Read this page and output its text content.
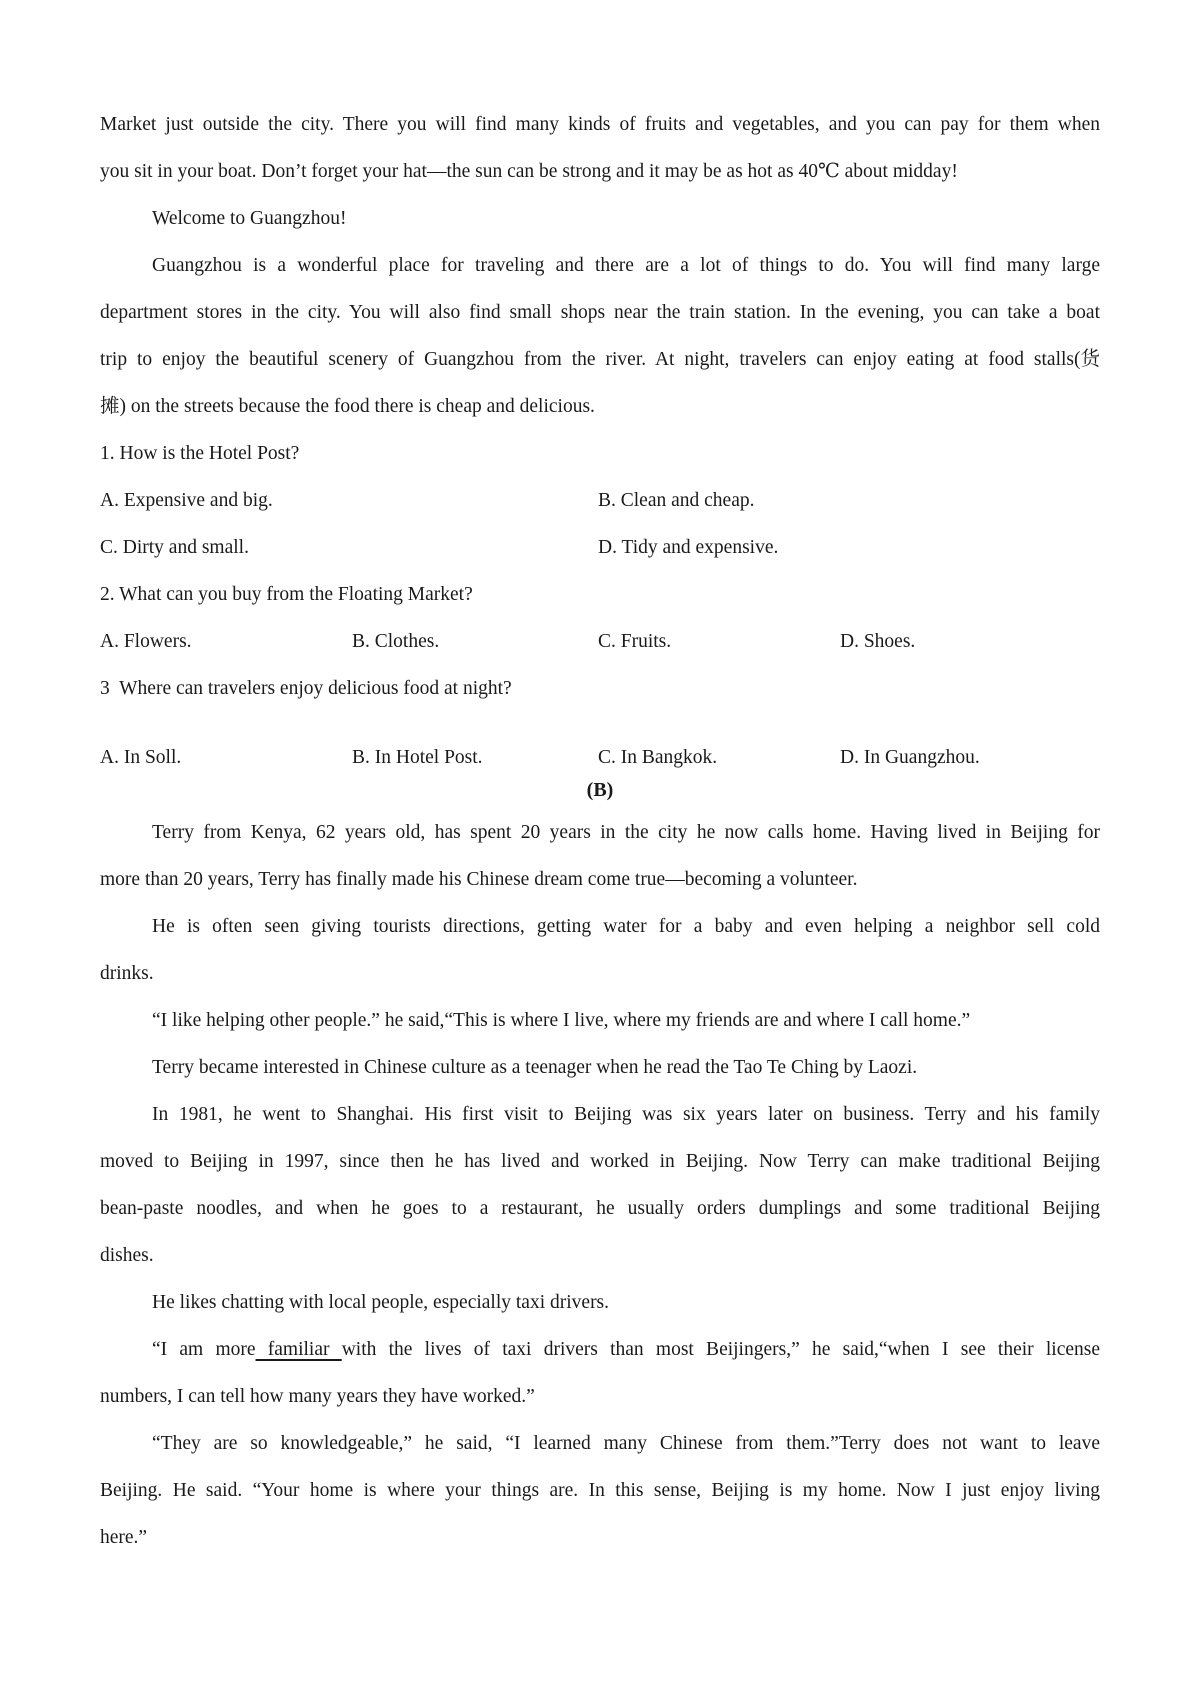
Market just outside the city. There you will find many kinds of fruits and vegetables, and you can pay for them when
you sit in your boat. Don’t forget your hat—the sun can be strong and it may be as hot as 40℃ about midday!
Welcome to Guangzhou!
Guangzhou is a wonderful place for traveling and there are a lot of things to do. You will find many large
department stores in the city. You will also find small shops near the train station. In the evening, you can take a boat
trip to enjoy the beautiful scenery of Guangzhou from the river. At night, travelers can enjoy eating at food stalls(货
摊) on the streets because the food there is cheap and delicious.
1. How is the Hotel Post?
A. Expensive and big.	B. Clean and cheap.
C. Dirty and small.	D. Tidy and expensive.
2. What can you buy from the Floating Market?
A. Flowers.	B. Clothes.	C. Fruits.	D. Shoes.
3  Where can travelers enjoy delicious food at night?
A. In Soll.	B. In Hotel Post.	C. In Bangkok.	D. In Guangzhou.
(B)
Terry from Kenya, 62 years old, has spent 20 years in the city he now calls home. Having lived in Beijing for
more than 20 years, Terry has finally made his Chinese dream come true—becoming a volunteer.
He is often seen giving tourists directions, getting water for a baby and even helping a neighbor sell cold
drinks.
“I like helping other people.” he said,“This is where I live, where my friends are and where I call home.”
Terry became interested in Chinese culture as a teenager when he read the Tao Te Ching by Laozi.
In 1981, he went to Shanghai. His first visit to Beijing was six years later on business. Terry and his family
moved to Beijing in 1997, since then he has lived and worked in Beijing. Now Terry can make traditional Beijing
bean-paste noodles, and when he goes to a restaurant, he usually orders dumplings and some traditional Beijing
dishes.
He likes chatting with local people, especially taxi drivers.
“I am more familiar with the lives of taxi drivers than most Beijingers,” he said,“when I see their license
numbers, I can tell how many years they have worked.”
“They are so knowledgeable,” he said, “I learned many Chinese from them.”Terry does not want to leave
Beijing. He said. “Your home is where your things are. In this sense, Beijing is my home. Now I just enjoy living
here.”
